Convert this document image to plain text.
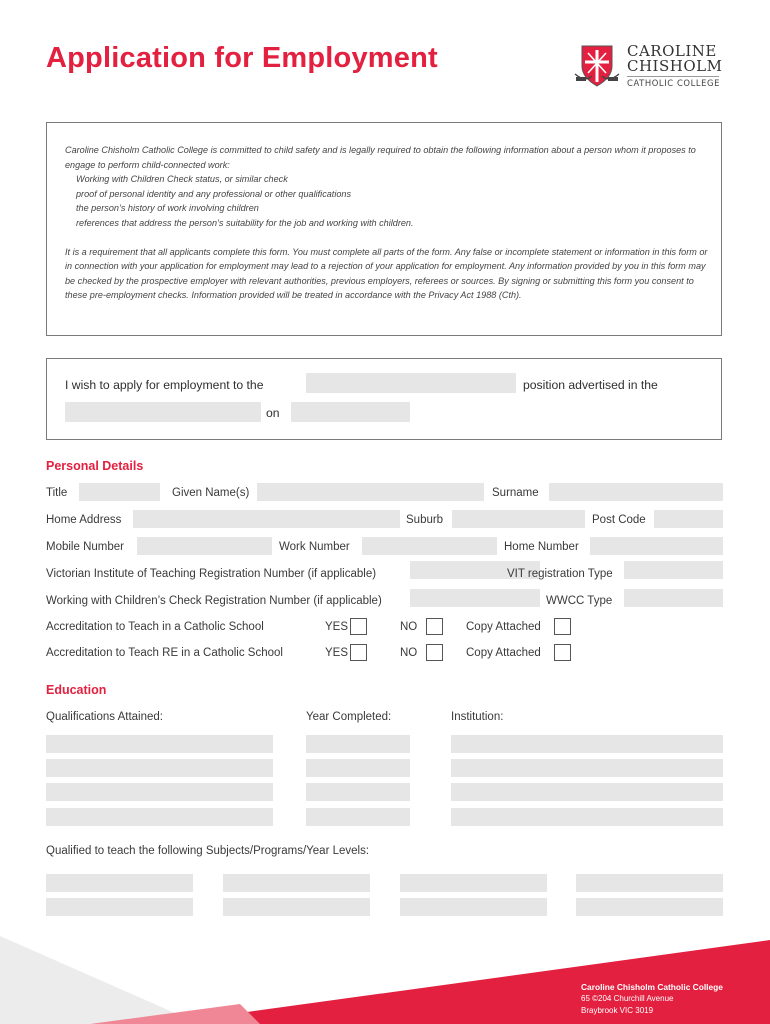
Application for Employment	CAROLINE
CHISHOLM
CATHOLIC COLLEGE

Caroline Chisholm Catholic College is committed to child safety and is legally required to obtain the following information about a person whom it proposes to engage to perform child-connected work:

Working with Children Check status, or similar check

proof of personal identity and any professional or other qualifications

the person’s history of work involving children

references that address the person’s suitability for the job and working with children.

It is a requirement that all applicants complete this form. You must complete all parts of the form. Any false or incomplete statement or information in this form or in connection with your application for employment may lead to a rejection of your application for employment. Any information provided by you in this form may be checked by the prospective employer with relevant authorities, previous employers, referees or sources. By signing or submitting this form you consent to these pre-employment checks. Information provided will be treated in accordance with the Privacy Act 1988 (Cth).

I wish to apply for employment to the	position advertised in the
on
Personal Details
Title	Given Name(s)	Surname
Home Address	Suburb	Post Code
Mobile Number	Work Number	Home Number
Victorian Institute of Teaching Registration Number (if applicable)	VIT registration Type
Working with Children’s Check Registration Number (if applicable)	WWCC Type
Accreditation to Teach in a Catholic School	YES	NO	Copy Attached
Accreditation to Teach RE in a Catholic School	YES	NO	Copy Attached
Education
Qualifications Attained:	Year Completed:	Institution:
Qualified to teach the following Subjects/Programs/Year Levels:
Caroline Chisholm Catholic College
65 ©204 Churchill Avenue
Braybrook VIC 3019
